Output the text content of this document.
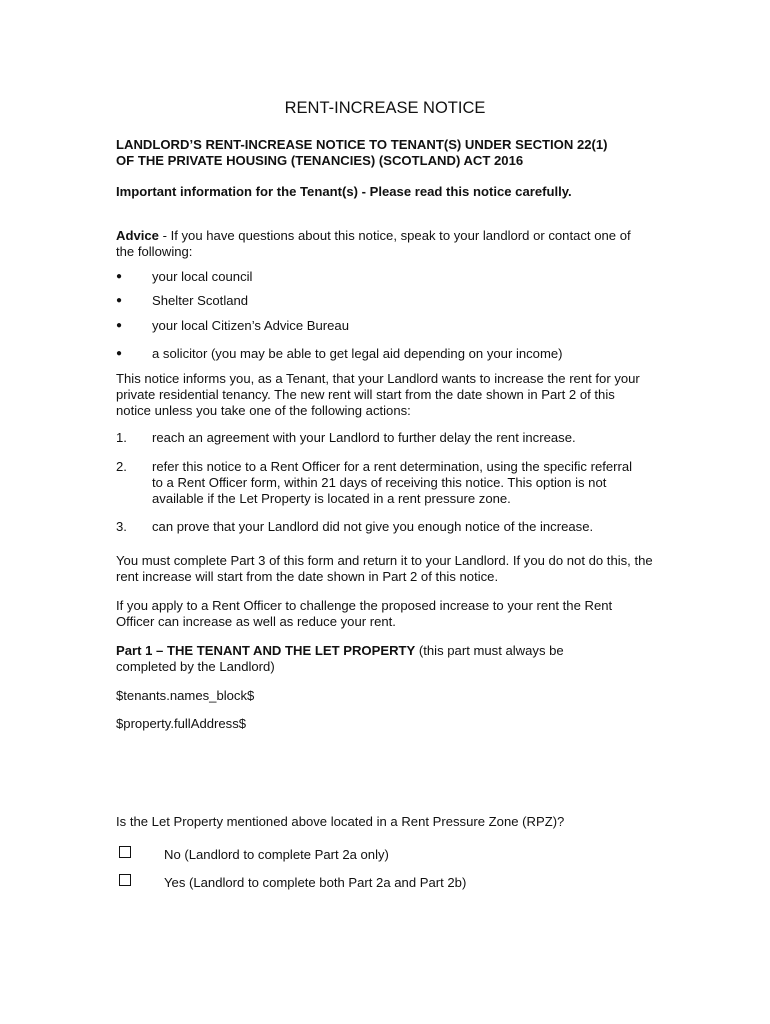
RENT-INCREASE NOTICE
LANDLORD’S RENT-INCREASE NOTICE TO TENANT(S) UNDER SECTION 22(1)
OF THE PRIVATE HOUSING (TENANCIES) (SCOTLAND) ACT 2016
Important information for the Tenant(s) - Please read this notice carefully.
Advice - If you have questions about this notice, speak to your landlord or contact one of the following:
● your local council
● Shelter Scotland
● your local Citizen’s Advice Bureau
● a solicitor (you may be able to get legal aid depending on your income)
This notice informs you, as a Tenant, that your Landlord wants to increase the rent for your private residential tenancy. The new rent will start from the date shown in Part 2 of this notice unless you take one of the following actions:
1. reach an agreement with your Landlord to further delay the rent increase.
2. refer this notice to a Rent Officer for a rent determination, using the specific referral to a Rent Officer form, within 21 days of receiving this notice. This option is not available if the Let Property is located in a rent pressure zone.
3. can prove that your Landlord did not give you enough notice of the increase.
You must complete Part 3 of this form and return it to your Landlord. If you do not do this, the rent increase will start from the date shown in Part 2 of this notice.
If you apply to a Rent Officer to challenge the proposed increase to your rent the Rent Officer can increase as well as reduce your rent.
Part 1 – THE TENANT AND THE LET PROPERTY (this part must always be completed by the Landlord)
$tenants.names_block$
$property.fullAddress$
Is the Let Property mentioned above located in a Rent Pressure Zone (RPZ)?
No (Landlord to complete Part 2a only)
Yes (Landlord to complete both Part 2a and Part 2b)
